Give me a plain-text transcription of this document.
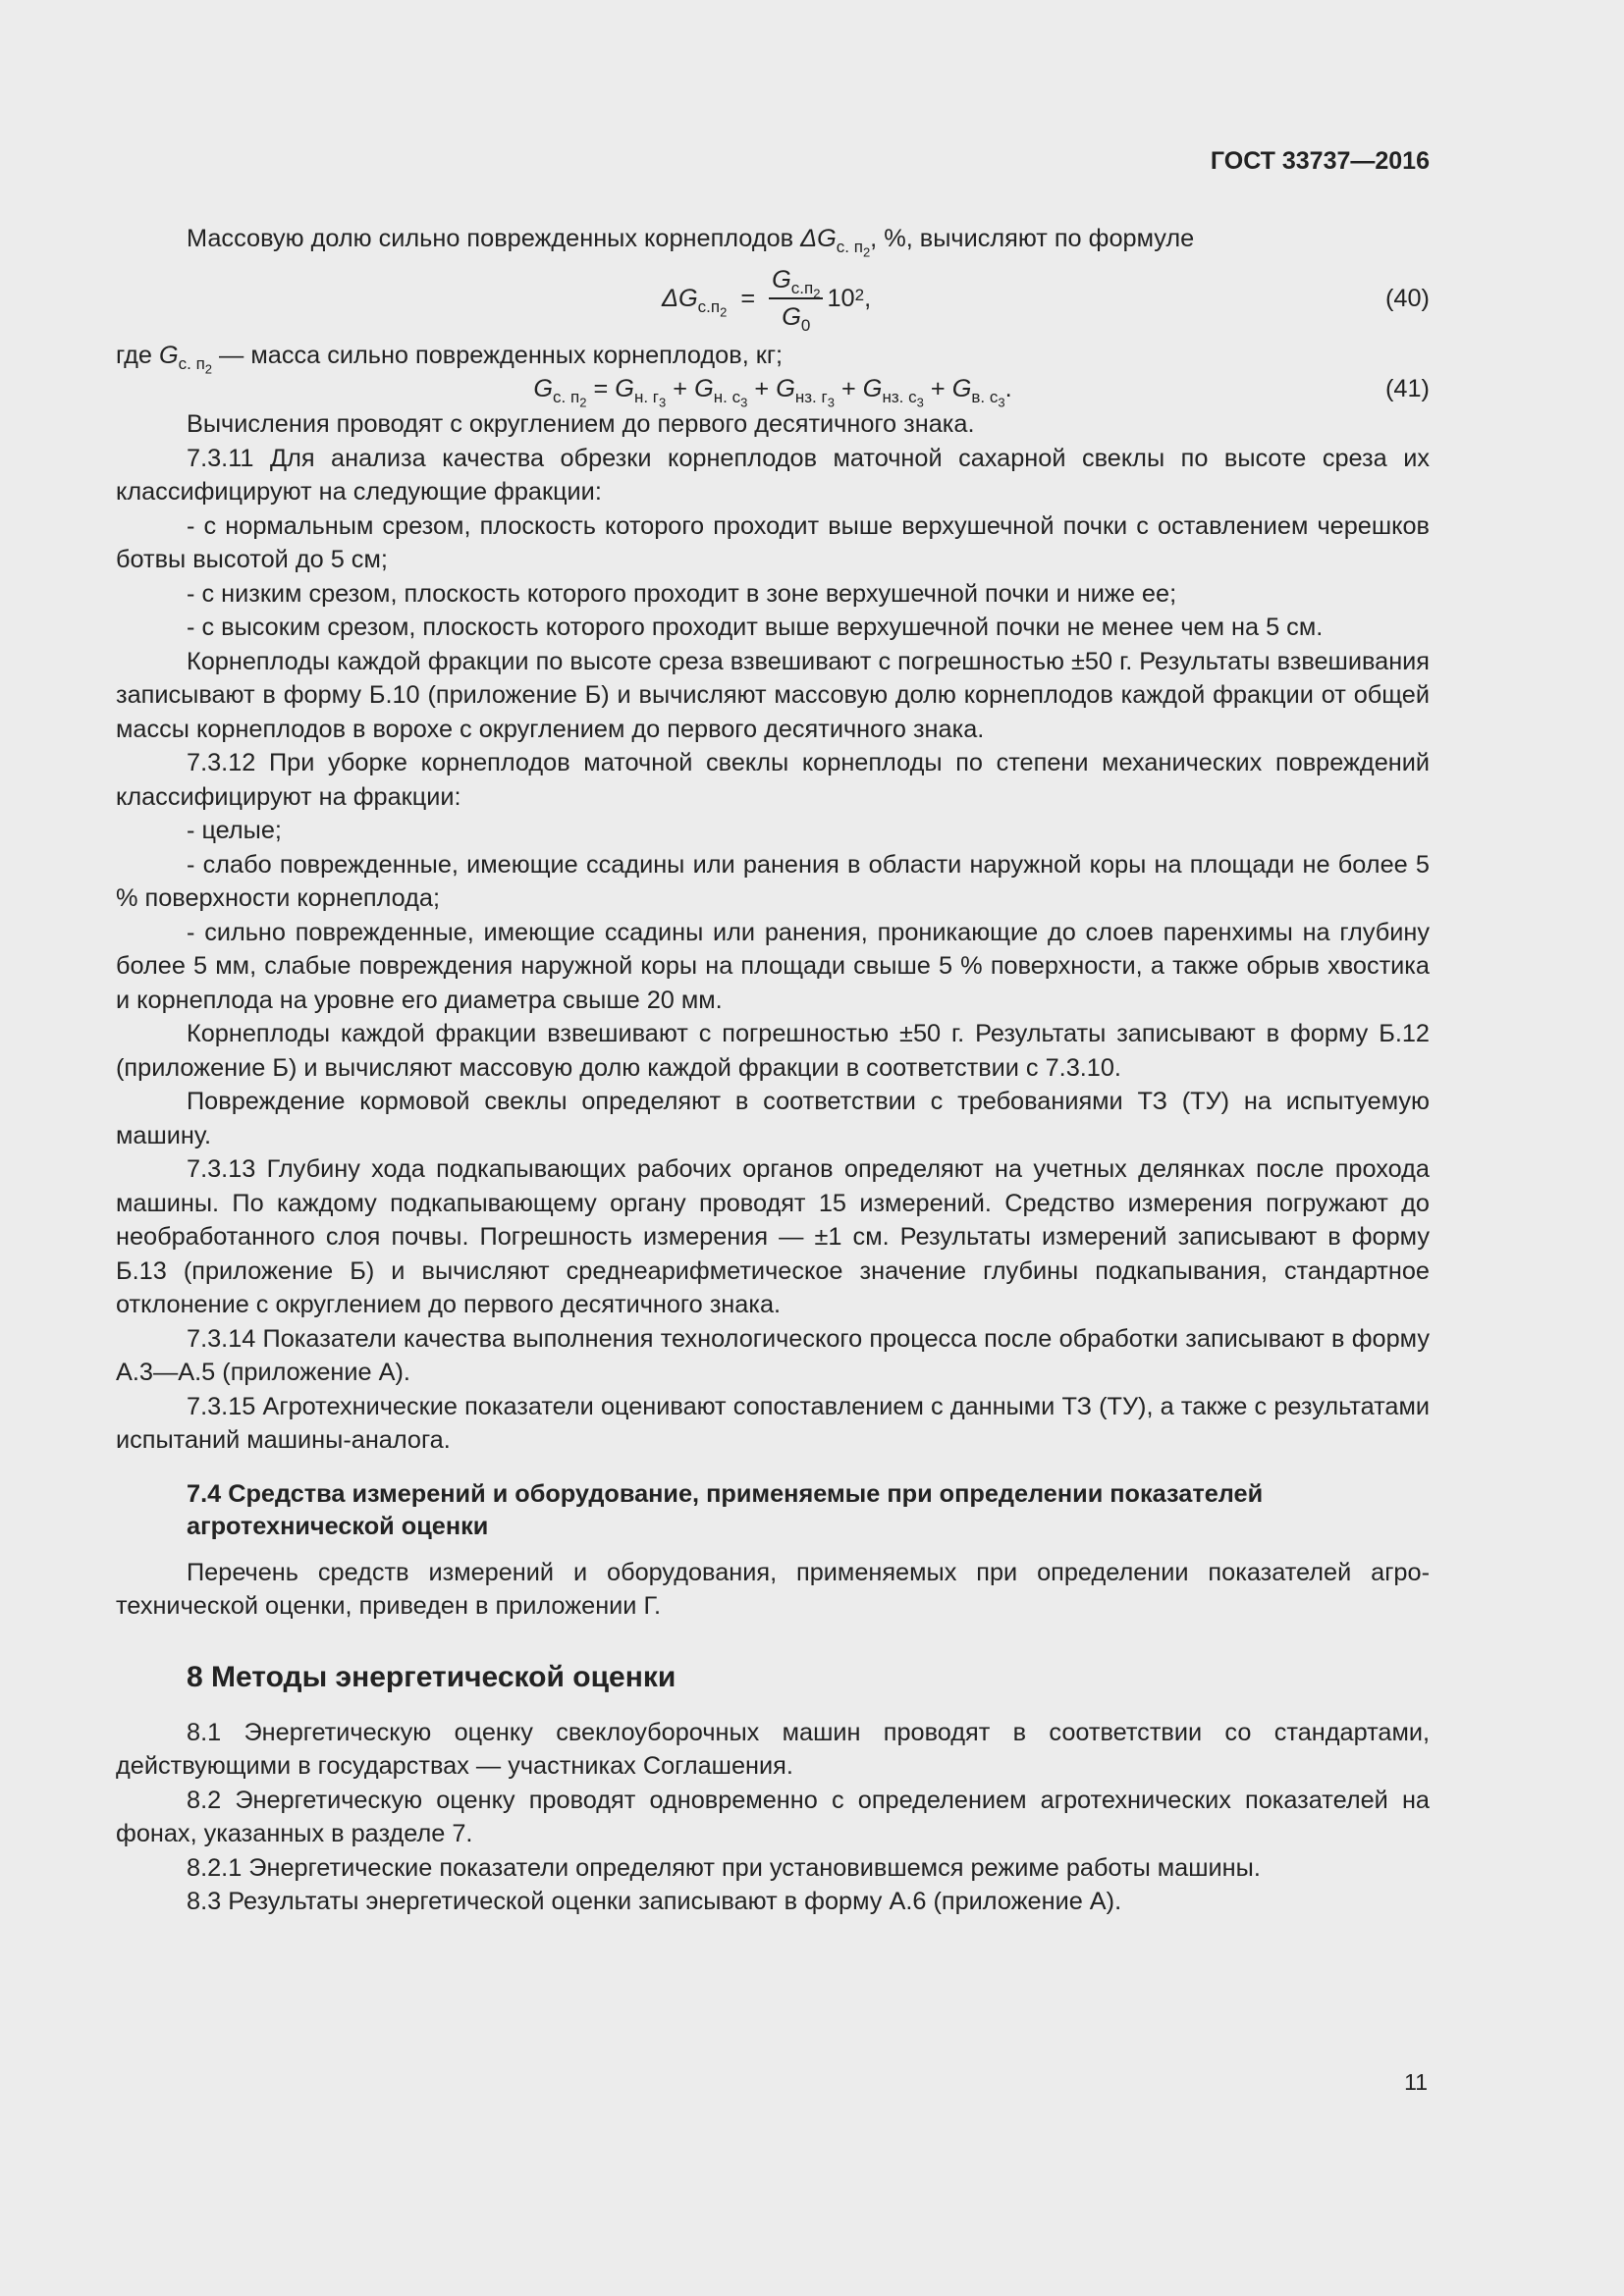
ГОСТ 33737—2016

Массовую долю сильно поврежденных корнеплодов $\Delta G_{с. п_2}$, %, вычисляют по формуле

$\Delta G_{с.п_2} = \frac{G_{с.п_2}}{G_0} 10^2$ ,	(40)

где $G_{с. п_2}$ — масса сильно поврежденных корнеплодов, кг;

$G_{с. п_2} = G_{н. г_3} + G_{н. с_3} + G_{нз. г_3} + G_{нз. с_3} + G_{в. с_3}$.	(41)

Вычисления проводят с округлением до первого десятичного знака.

7.3.11 Для анализа качества обрезки корнеплодов маточной сахарной свеклы по высоте среза их классифицируют на следующие фракции:

- с нормальным срезом, плоскость которого проходит выше верхушечной почки с оставлением черешков ботвы высотой до 5 см;

- с низким срезом, плоскость которого проходит в зоне верхушечной почки и ниже ее;

- с высоким срезом, плоскость которого проходит выше верхушечной почки не менее чем на 5 см.

Корнеплоды каждой фракции по высоте среза взвешивают с погрешностью ±50 г. Результаты взвешивания записывают в форму Б.10 (приложение Б) и вычисляют массовую долю корнеплодов каждой фракции от общей массы корнеплодов в ворохе с округлением до первого десятичного знака.

7.3.12 При уборке корнеплодов маточной свеклы корнеплоды по степени механических повреждений классифицируют на фракции:

- целые;

- слабо поврежденные, имеющие ссадины или ранения в области наружной коры на площади не более 5 % поверхности корнеплода;

- сильно поврежденные, имеющие ссадины или ранения, проникающие до слоев паренхимы на глубину более 5 мм, слабые повреждения наружной коры на площади свыше 5 % поверхности, а также обрыв хвостика и корнеплода на уровне его диаметра свыше 20 мм.

Корнеплоды каждой фракции взвешивают с погрешностью ±50 г. Результаты записывают в форму Б.12 (приложение Б) и вычисляют массовую долю каждой фракции в соответствии с 7.3.10.

Повреждение кормовой свеклы определяют в соответствии с требованиями ТЗ (ТУ) на испытуемую машину.

7.3.13 Глубину хода подкапывающих рабочих органов определяют на учетных делянках после прохода машины. По каждому подкапывающему органу проводят 15 измерений. Средство измерения погружают до необработанного слоя почвы. Погрешность измерения — ±1 см. Результаты измерений записывают в форму Б.13 (приложение Б) и вычисляют среднеарифметическое значение глубины подкапывания, стандартное отклонение с округлением до первого десятичного знака.

7.3.14 Показатели качества выполнения технологического процесса после обработки записывают в форму А.3—А.5 (приложение А).

7.3.15 Агротехнические показатели оценивают сопоставлением с данными ТЗ (ТУ), а также с результатами испытаний машины-аналога.

7.4 Средства измерений и оборудование, применяемые при определении показателей
агротехнической оценки

Перечень средств измерений и оборудования, применяемых при определении показателей агротехнической оценки, приведен в приложении Г.

8 Методы энергетической оценки

8.1 Энергетическую оценку свеклоуборочных машин проводят в соответствии со стандартами, действующими в государствах — участниках Соглашения.

8.2 Энергетическую оценку проводят одновременно с определением агротехнических показателей на фонах, указанных в разделе 7.

8.2.1 Энергетические показатели определяют при установившемся режиме работы машины.

8.3 Результаты энергетической оценки записывают в форму А.6 (приложение А).

11
